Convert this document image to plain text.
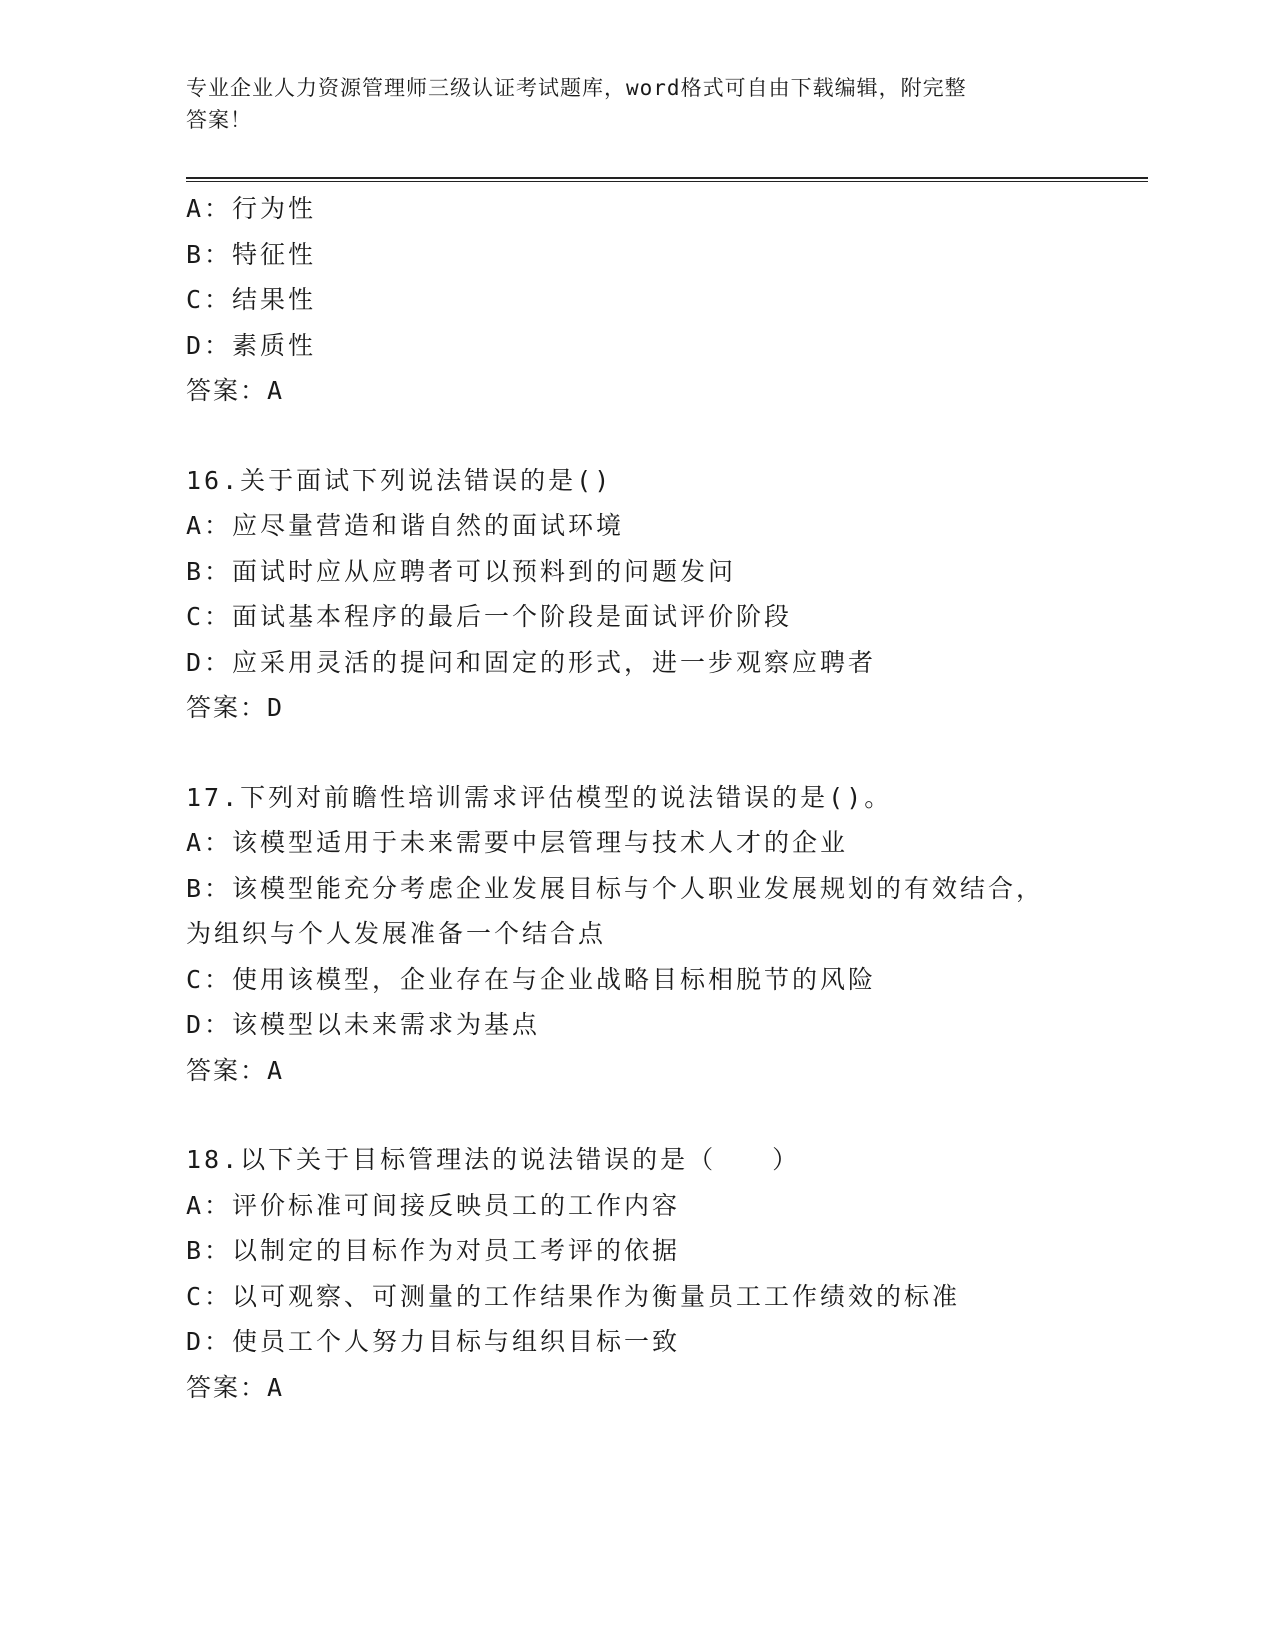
专业企业人力资源管理师三级认证考试题库，word格式可自由下载编辑，附完整
答案！
A：行为性
B：特征性
C：结果性
D：素质性
答案：A
16.关于面试下列说法错误的是()
A：应尽量营造和谐自然的面试环境
B：面试时应从应聘者可以预料到的问题发问
C：面试基本程序的最后一个阶段是面试评价阶段
D：应采用灵活的提问和固定的形式，进一步观察应聘者
答案：D
17.下列对前瞻性培训需求评估模型的说法错误的是()。
A：该模型适用于未来需要中层管理与技术人才的企业
B：该模型能充分考虑企业发展目标与个人职业发展规划的有效结合，
为组织与个人发展准备一个结合点
C：使用该模型，企业存在与企业战略目标相脱节的风险
D：该模型以未来需求为基点
答案：A
18.以下关于目标管理法的说法错误的是（　　）
A：评价标准可间接反映员工的工作内容
B：以制定的目标作为对员工考评的依据
C：以可观察、可测量的工作结果作为衡量员工工作绩效的标准
D：使员工个人努力目标与组织目标一致
答案：A
